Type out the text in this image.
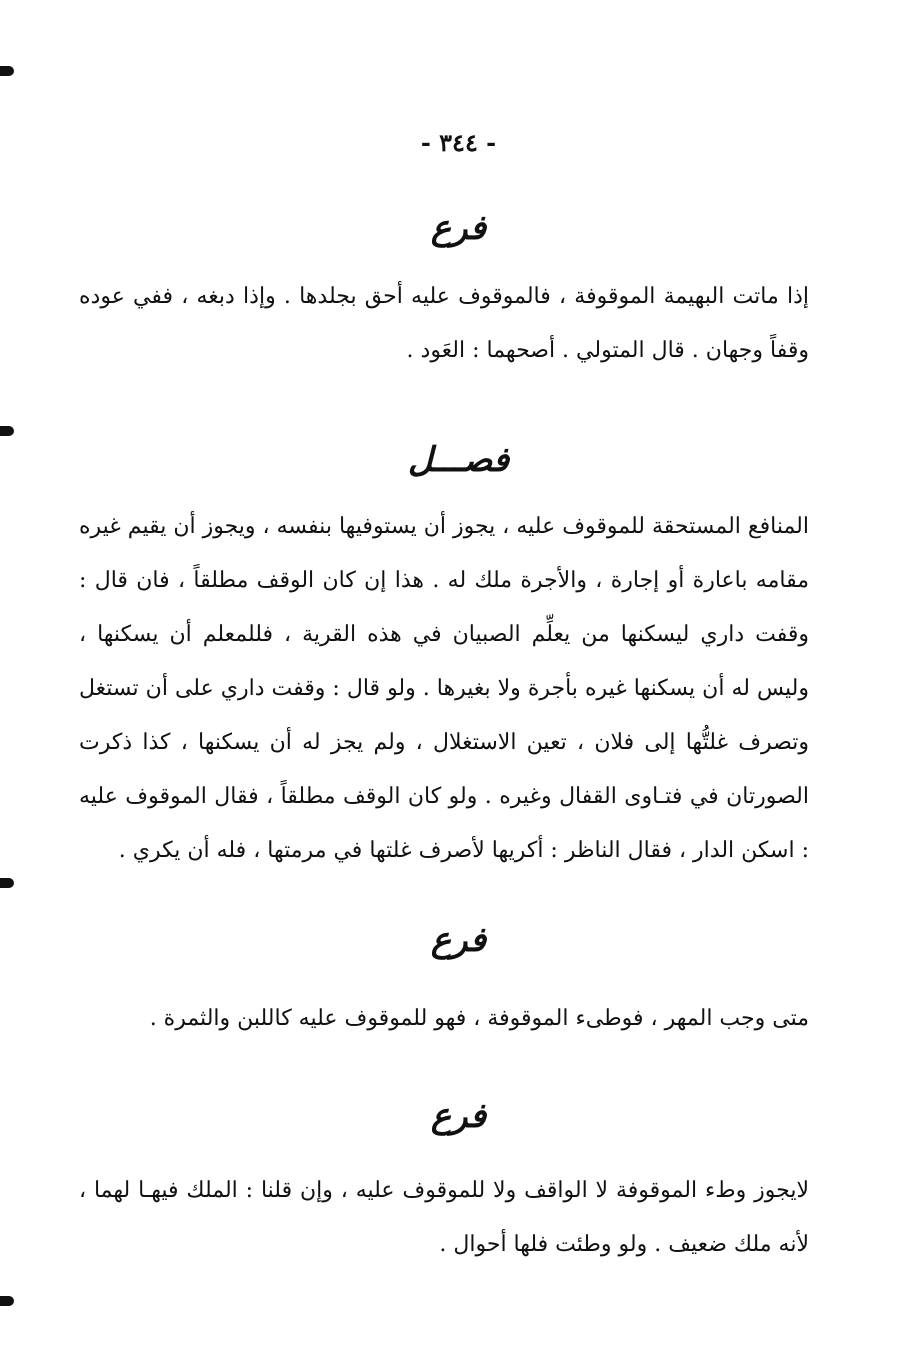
- ٣٤٤ -
فرع

إذا ماتت البهيمة الموقوفة ، فالموقوف عليه أحق بجلدها . وإذا دبغه ، ففي عوده وقفاً وجهان . قال المتولي . أصحهما : العَود .

فصـــل

المنافع المستحقة للموقوف عليه ، يجوز أن يستوفيها بنفسه ، ويجوز أن يقيم غيره مقامه باعارة أو إجارة ، والأجرة ملك له . هذا إن كان الوقف مطلقاً ، فان قال : وقفت داري ليسكنها من يعلِّم الصبيان في هذه القرية ، فللمعلم أن يسكنها ، وليس له أن يسكنها غيره بأجرة ولا بغيرها . ولو قال : وقفت داري على أن تستغل وتصرف غلتُّها إلى فلان ، تعين الاستغلال ، ولم يجز له أن يسكنها ، كذا ذكرت الصورتان في فتـاوى القفال وغيره . ولو كان الوقف مطلقاً ، فقال الموقوف عليه : اسكن الدار ، فقال الناظر : أكريها لأصرف غلتها في مرمتها ، فله أن يكري .

فرع

متى وجب المهر ، فوطىء الموقوفة ، فهو للموقوف عليه كاللبن والثمرة .

فرع

لايجوز وطء الموقوفة لا الواقف ولا للموقوف عليه ، وإن قلنا : الملك فيهـا لهما ، لأنه ملك ضعيف . ولو وطئت فلها أحوال .
